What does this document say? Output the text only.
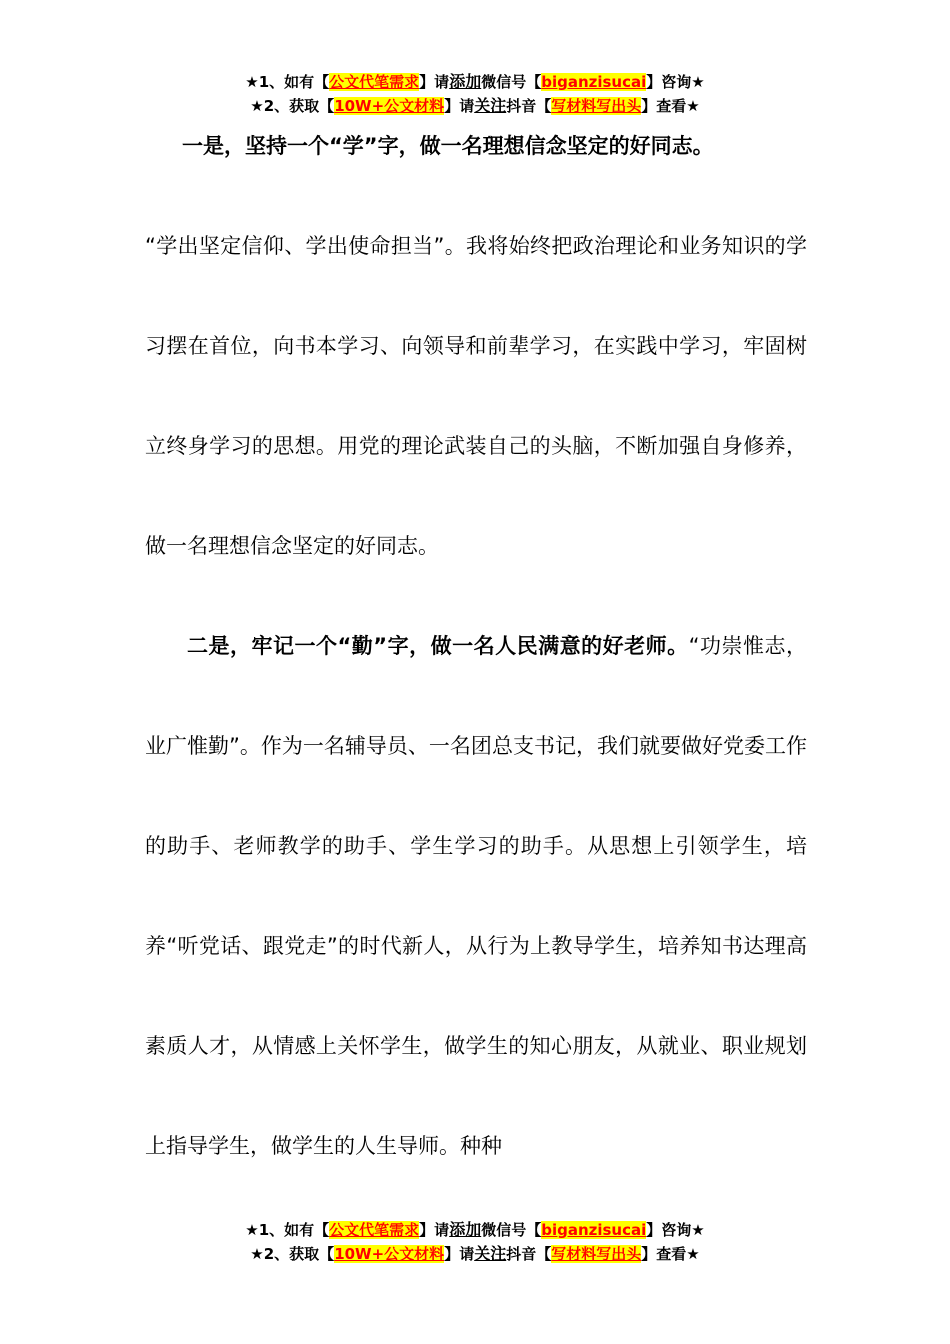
★1、如有【公文代笔需求】请添加微信号【biganzisucai】咨询★
★2、获取【10W+公文材料】请关注抖音【写材料写出头】查看★

一是，坚持一个“学”字，做一名理想信念坚定的好同志。

“学出坚定信仰、学出使命担当”。我将始终把政治理论和业务知识的学习摆在首位，向书本学习、向领导和前辈学习，在实践中学习，牢固树立终身学习的思想。用党的理论武装自己的头脑，不断加强自身修养，做一名理想信念坚定的好同志。

二是，牢记一个“勤”字，做一名人民满意的好老师。“功崇惟志，业广惟勤”。作为一名辅导员、一名团总支书记，我们就要做好党委工作的助手、老师教学的助手、学生学习的助手。从思想上引领学生，培养“听党话、跟党走”的时代新人，从行为上教导学生，培养知书达理高素质人才，从情感上关怀学生，做学生的知心朋友，从就业、职业规划上指导学生，做学生的人生导师。种种

★1、如有【公文代笔需求】请添加微信号【biganzisucai】咨询★
★2、获取【10W+公文材料】请关注抖音【写材料写出头】查看★
